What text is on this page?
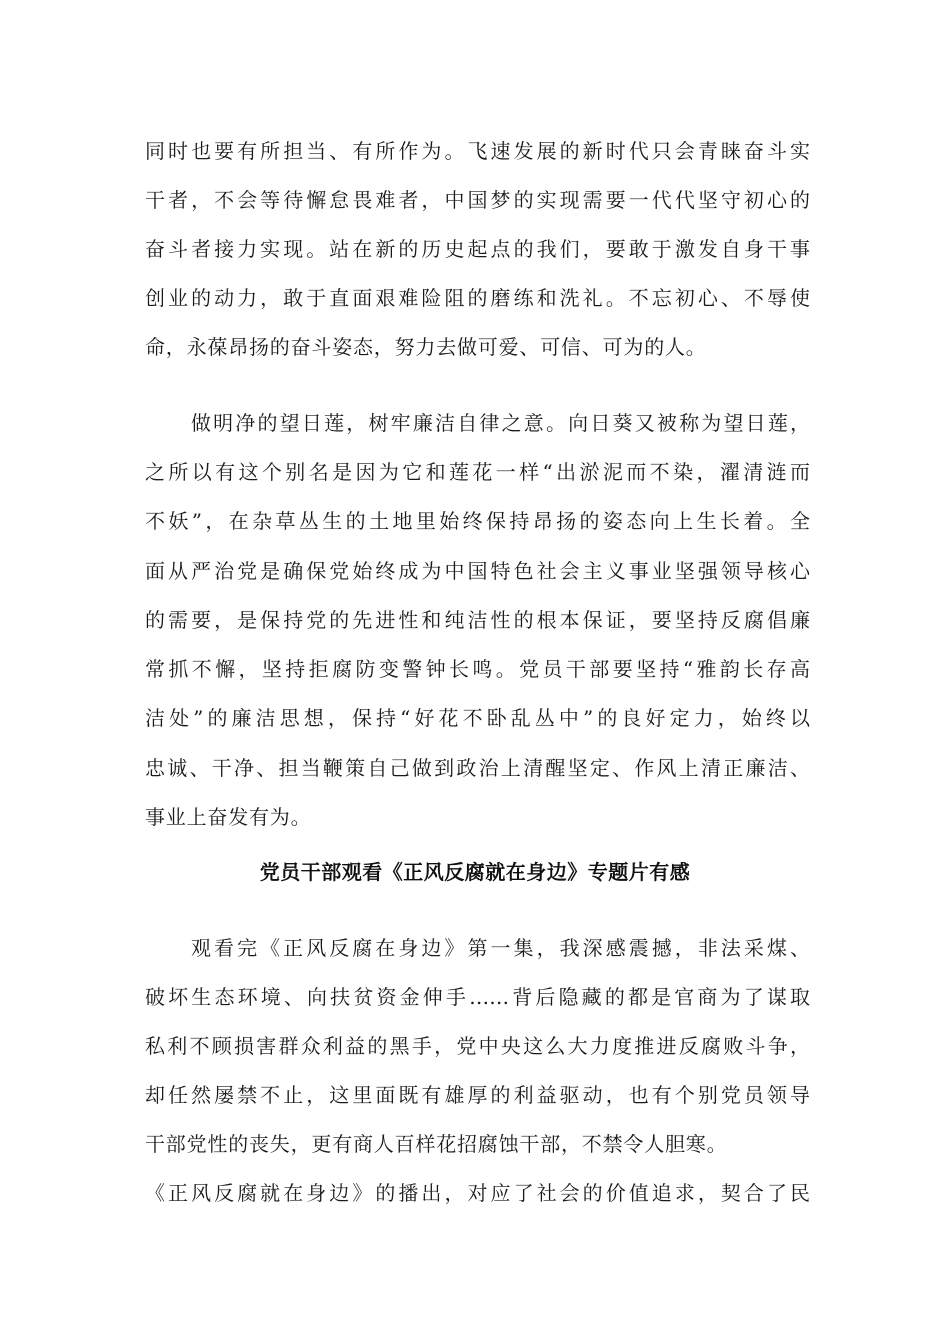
同时也要有所担当、有所作为。飞速发展的新时代只会青睐奋斗实
干者，不会等待懈怠畏难者，中国梦的实现需要一代代坚守初心的
奋斗者接力实现。站在新的历史起点的我们，要敢于激发自身干事
创业的动力，敢于直面艰难险阻的磨练和洗礼。不忘初心、不辱使
命，永葆昂扬的奋斗姿态，努力去做可爱、可信、可为的人。
做明净的望日莲，树牢廉洁自律之意。向日葵又被称为望日莲，
之所以有这个别名是因为它和莲花一样“出淤泥而不染，濯清涟而
不妖”，在杂草丛生的土地里始终保持昂扬的姿态向上生长着。全
面从严治党是确保党始终成为中国特色社会主义事业坚强领导核心
的需要，是保持党的先进性和纯洁性的根本保证，要坚持反腐倡廉
常抓不懈，坚持拒腐防变警钟长鸣。党员干部要坚持“雅韵长存高
洁处”的廉洁思想，保持“好花不卧乱丛中”的良好定力，始终以
忠诚、干净、担当鞭策自己做到政治上清醒坚定、作风上清正廉洁、
事业上奋发有为。
党员干部观看《正风反腐就在身边》专题片有感
观看完《正风反腐在身边》第一集，我深感震撼，非法采煤、
破坏生态环境、向扶贫资金伸手……背后隐藏的都是官商为了谋取
私利不顾损害群众利益的黑手，党中央这么大力度推进反腐败斗争，
却任然屡禁不止，这里面既有雄厚的利益驱动，也有个别党员领导
干部党性的丧失，更有商人百样花招腐蚀干部，不禁令人胆寒。
《正风反腐就在身边》的播出，对应了社会的价值追求，契合了民
